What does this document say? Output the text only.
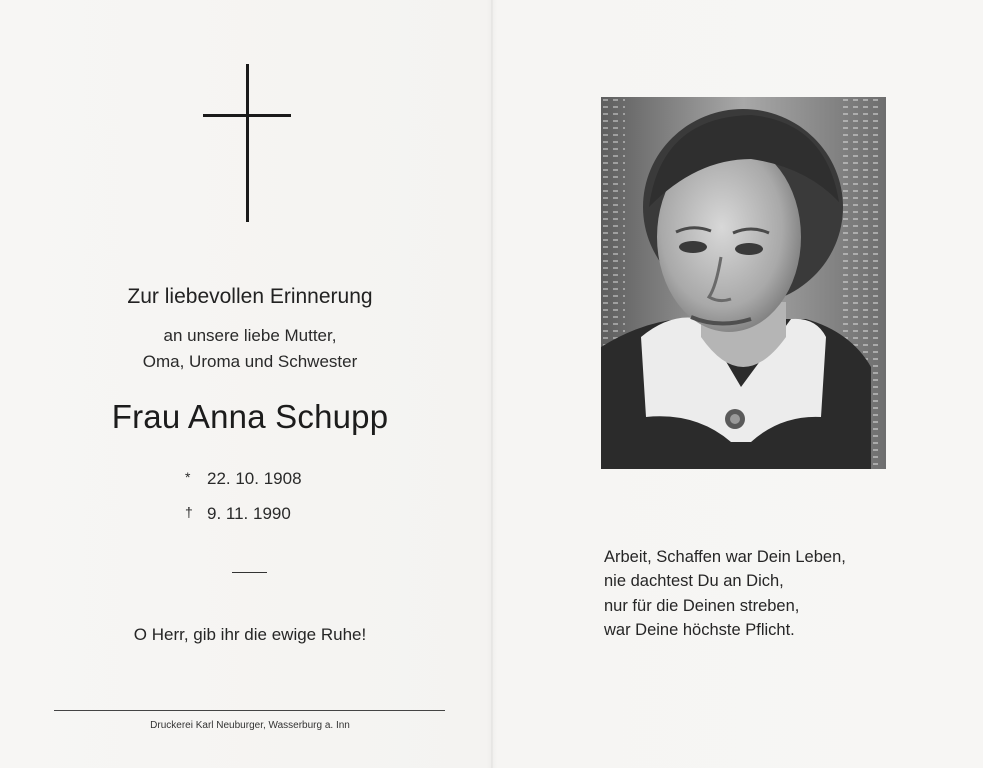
Zur liebevollen Erinnerung
an unsere liebe Mutter,
Oma, Uroma und Schwester
Frau Anna Schupp
* 22. 10. 1908
† 9. 11. 1990
O Herr, gib ihr die ewige Ruhe!
Druckerei Karl Neuburger, Wasserburg a. Inn
Arbeit, Schaffen war Dein Leben,
nie dachtest Du an Dich,
nur für die Deinen streben,
war Deine höchste Pflicht.
